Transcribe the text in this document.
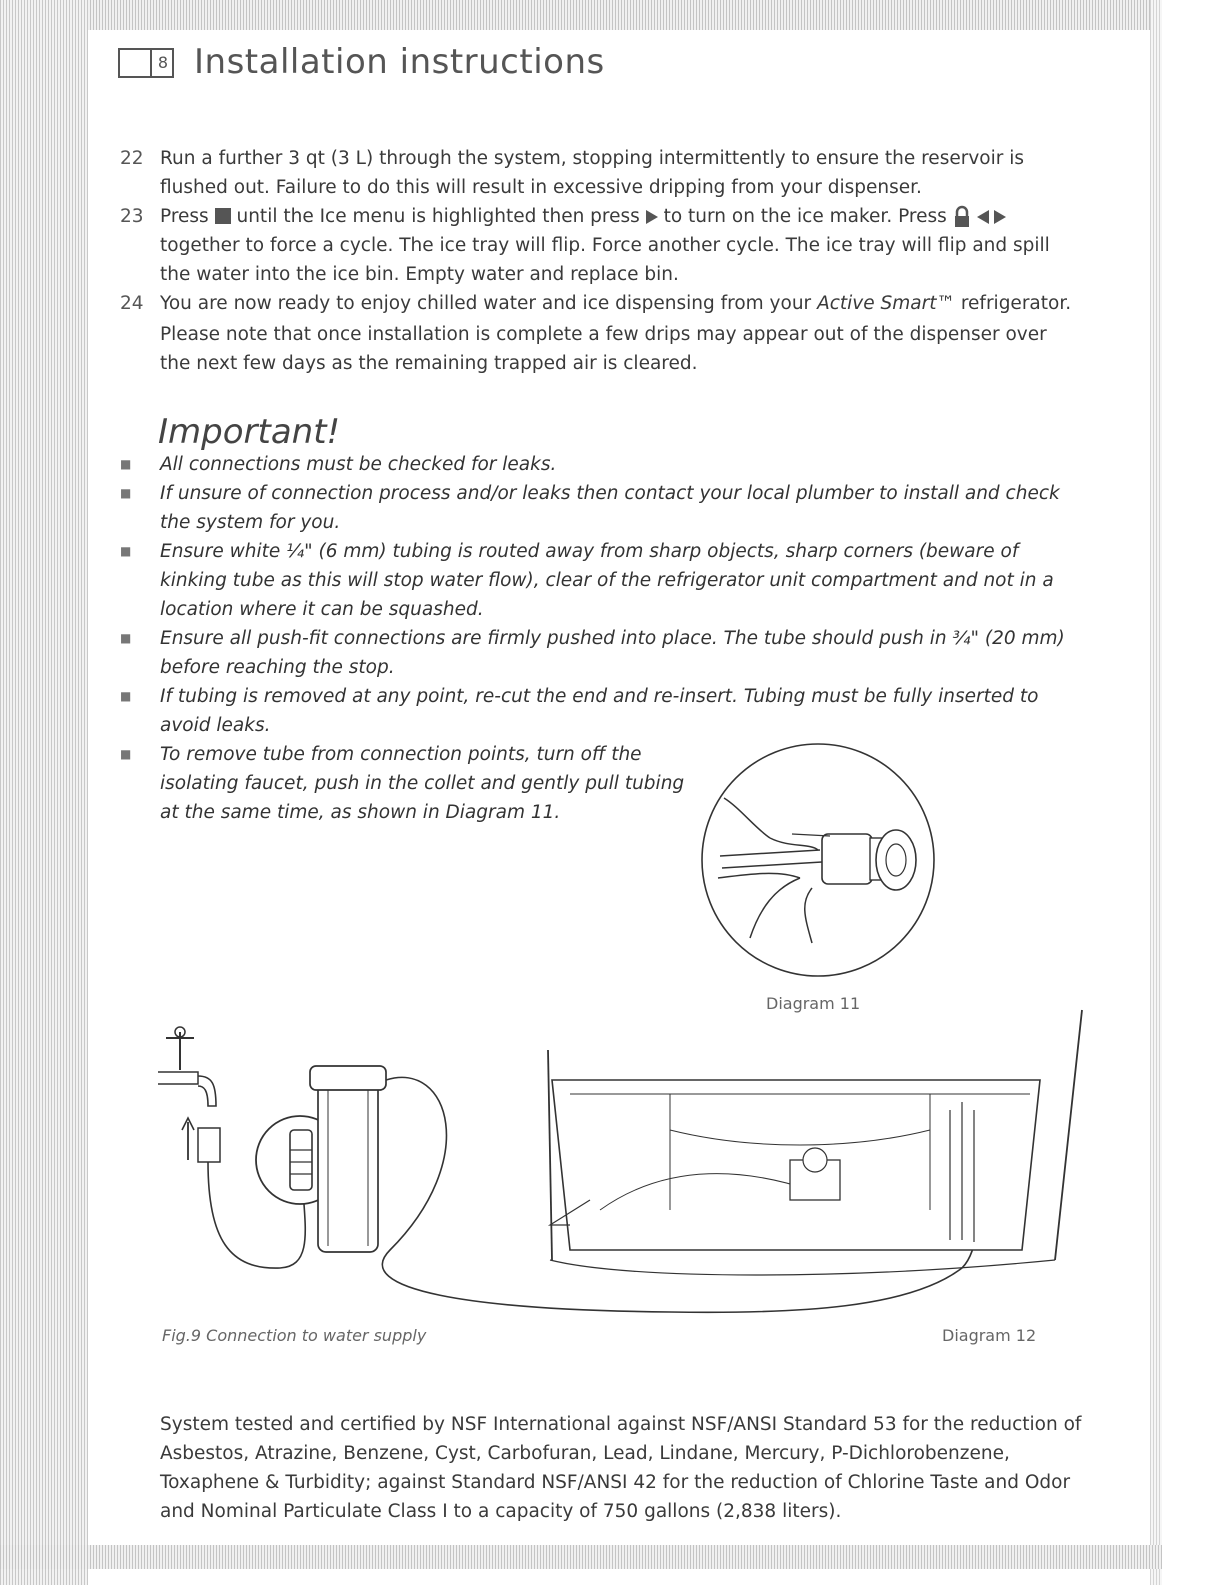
8 Installation instructions
22 Run a further 3 qt (3 L) through the system, stopping intermittently to ensure the reservoir is flushed out. Failure to do this will result in excessive dripping from your dispenser.
23 Press until the Ice menu is highlighted then press to turn on the ice maker. Press    together to force a cycle. The ice tray will flip. Force another cycle. The ice tray will flip and spill the water into the ice bin. Empty water and replace bin.
24 You are now ready to enjoy chilled water and ice dispensing from your Active Smart™ refrigerator.
Please note that once installation is complete a few drips may appear out of the dispenser over the next few days as the remaining trapped air is cleared.
Important!
■	All connections must be checked for leaks.
■	If unsure of connection process and/or leaks then contact your local plumber to install and check the system for you.
■	Ensure white ¼" (6 mm) tubing is routed away from sharp objects, sharp corners (beware of kinking tube as this will stop water flow), clear of the refrigerator unit compartment and not in a location where it can be squashed.
■	Ensure all push-fit connections are firmly pushed into place. The tube should push in ¾" (20 mm) before reaching the stop.
■	If tubing is removed at any point, re-cut the end and re-insert. Tubing must be fully inserted to avoid leaks.
■	To remove tube from connection points, turn off the isolating faucet, push in the collet and gently pull tubing at the same time, as shown in Diagram 11.
Diagram 11
Fig.9 Connection to water supply	Diagram 12
System tested and certified by NSF International against NSF/ANSI Standard 53 for the reduction of Asbestos, Atrazine, Benzene, Cyst, Carbofuran, Lead, Lindane, Mercury, P-Dichlorobenzene, Toxaphene & Turbidity; against Standard NSF/ANSI 42 for the reduction of Chlorine Taste and Odor and Nominal Particulate Class I to a capacity of 750 gallons (2,838 liters).
